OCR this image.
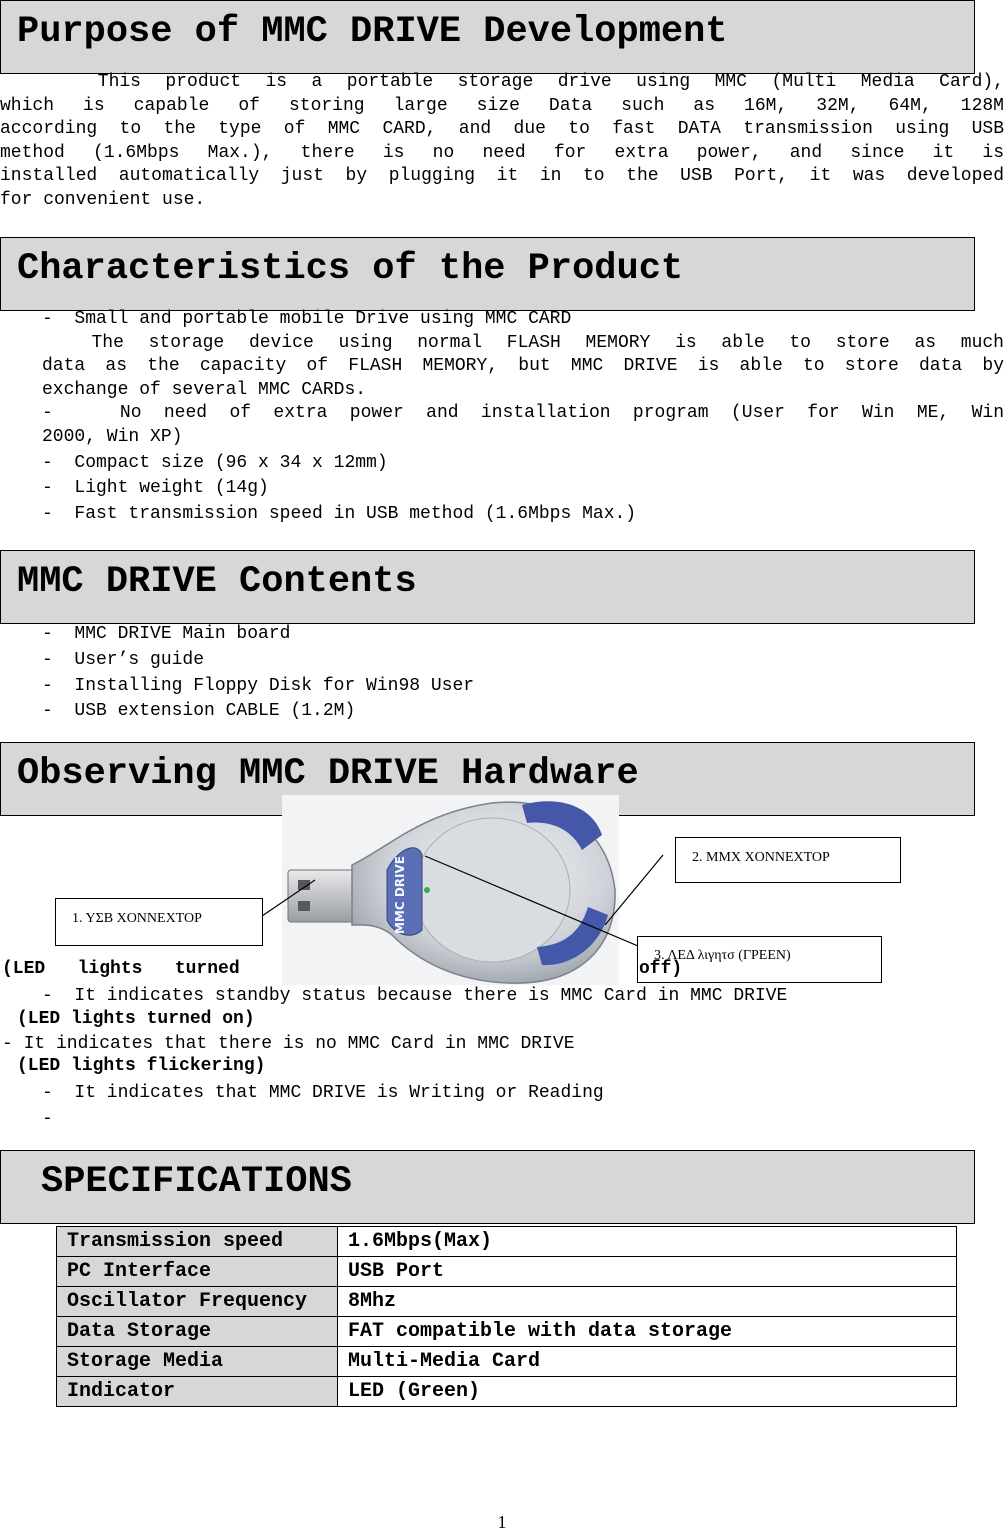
Purpose of MMC DRIVE Development
This product is a portable storage drive using MMC (Multi Media Card),
which is capable of storing large size Data such as 16M, 32M, 64M, 128M
according to the type of MMC CARD, and due to fast DATA transmission using USB
method (1.6Mbps Max.), there is no need for extra power, and since it is
installed automatically just by plugging it in to the USB Port, it was developed
for convenient use.
Characteristics of the Product
-  Small and portable mobile Drive using MMC CARD
The storage device using normal FLASH MEMORY is able to store as much
data as the capacity of FLASH MEMORY, but MMC DRIVE is able to store data by
exchange of several MMC CARDs.
-   No need of extra power and installation program (User for Win ME, Win
2000, Win XP)
-  Compact size (96 x 34 x 12mm)
-  Light weight (14g)
-  Fast transmission speed in USB method (1.6Mbps Max.)
MMC DRIVE Contents
-  MMC DRIVE Main board
-  User’s guide
-  Installing Floppy Disk for Win98 User
-  USB extension CABLE (1.2M)
Observing MMC DRIVE Hardware
MMC DRIVE
1. ΥΣΒ ΧΟΝΝΕΧΤΟΡ
2. ΜΜΧ ΧΟΝΝΕΧΤΟΡ
3. ΛΕΔ λιγητσ (ΓΡΕΕΝ)
(LED   lights   turned	off)
-  It indicates standby status because there is MMC Card in MMC DRIVE
(LED lights turned on)
- It indicates that there is no MMC Card in MMC DRIVE
(LED lights flickering)
-  It indicates that MMC DRIVE is Writing or Reading
-
SPECIFICATIONS
Transmission speed	1.6Mbps(Max)
PC Interface	USB Port
Oscillator Frequency	8Mhz
Data Storage	FAT compatible with data storage
Storage Media	Multi-Media Card
Indicator	LED (Green)
1
